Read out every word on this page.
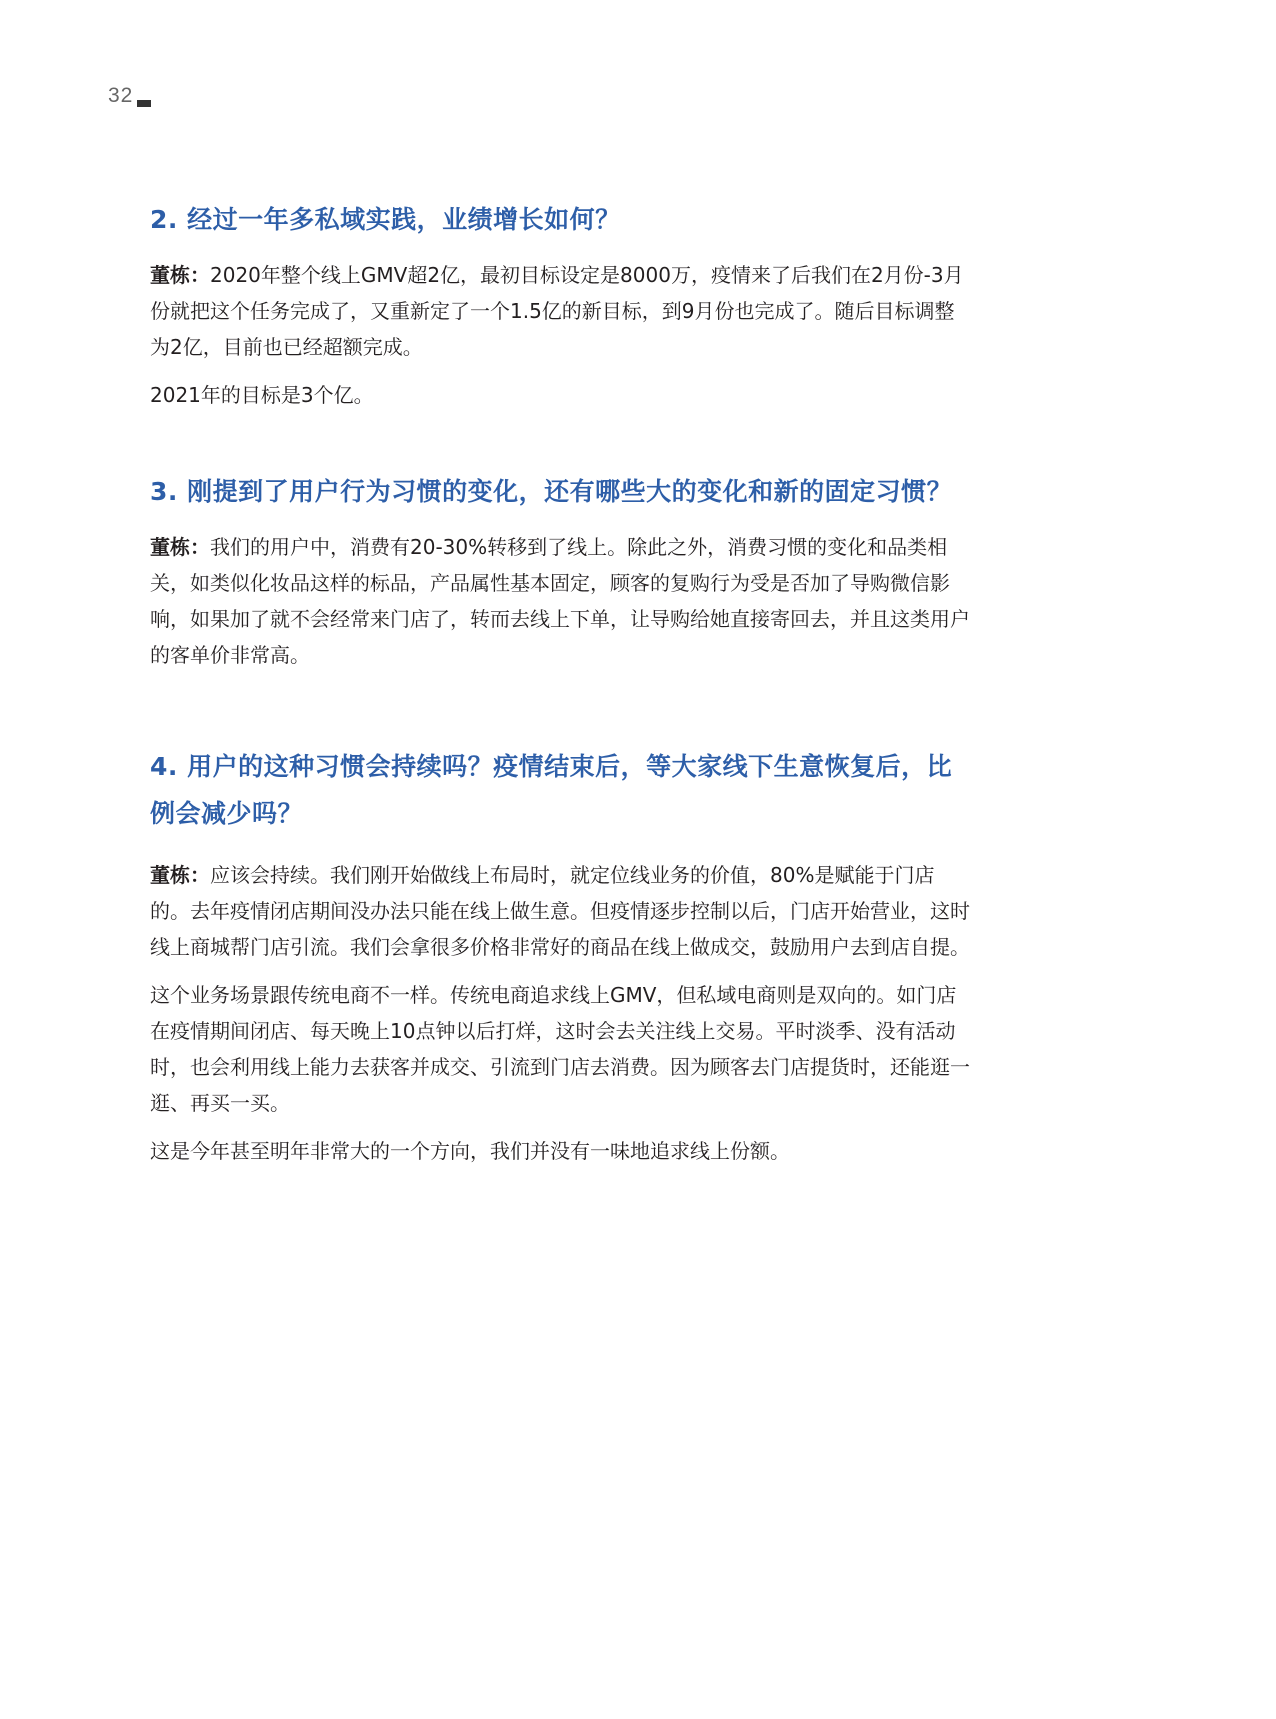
32
2. 经过一年多私域实践，业绩增长如何？

董栋：2020年整个线上GMV超2亿，最初目标设定是8000万，疫情来了后我们在2月份-3月份就把这个任务完成了，又重新定了一个1.5亿的新目标，到9月份也完成了。随后目标调整为2亿，目前也已经超额完成。

2021年的目标是3个亿。

3. 刚提到了用户行为习惯的变化，还有哪些大的变化和新的固定习惯？

董栋：我们的用户中，消费有20-30%转移到了线上。除此之外，消费习惯的变化和品类相关，如类似化妆品这样的标品，产品属性基本固定，顾客的复购行为受是否加了导购微信影响，如果加了就不会经常来门店了，转而去线上下单，让导购给她直接寄回去，并且这类用户的客单价非常高。

4. 用户的这种习惯会持续吗？疫情结束后，等大家线下生意恢复后，比例会减少吗？

董栋：应该会持续。我们刚开始做线上布局时，就定位线业务的价值，80%是赋能于门店的。去年疫情闭店期间没办法只能在线上做生意。但疫情逐步控制以后，门店开始营业，这时线上商城帮门店引流。我们会拿很多价格非常好的商品在线上做成交，鼓励用户去到店自提。

这个业务场景跟传统电商不一样。传统电商追求线上GMV，但私域电商则是双向的。如门店在疫情期间闭店、每天晚上10点钟以后打烊，这时会去关注线上交易。平时淡季、没有活动时，也会利用线上能力去获客并成交、引流到门店去消费。因为顾客去门店提货时，还能逛一逛、再买一买。

这是今年甚至明年非常大的一个方向，我们并没有一味地追求线上份额。
